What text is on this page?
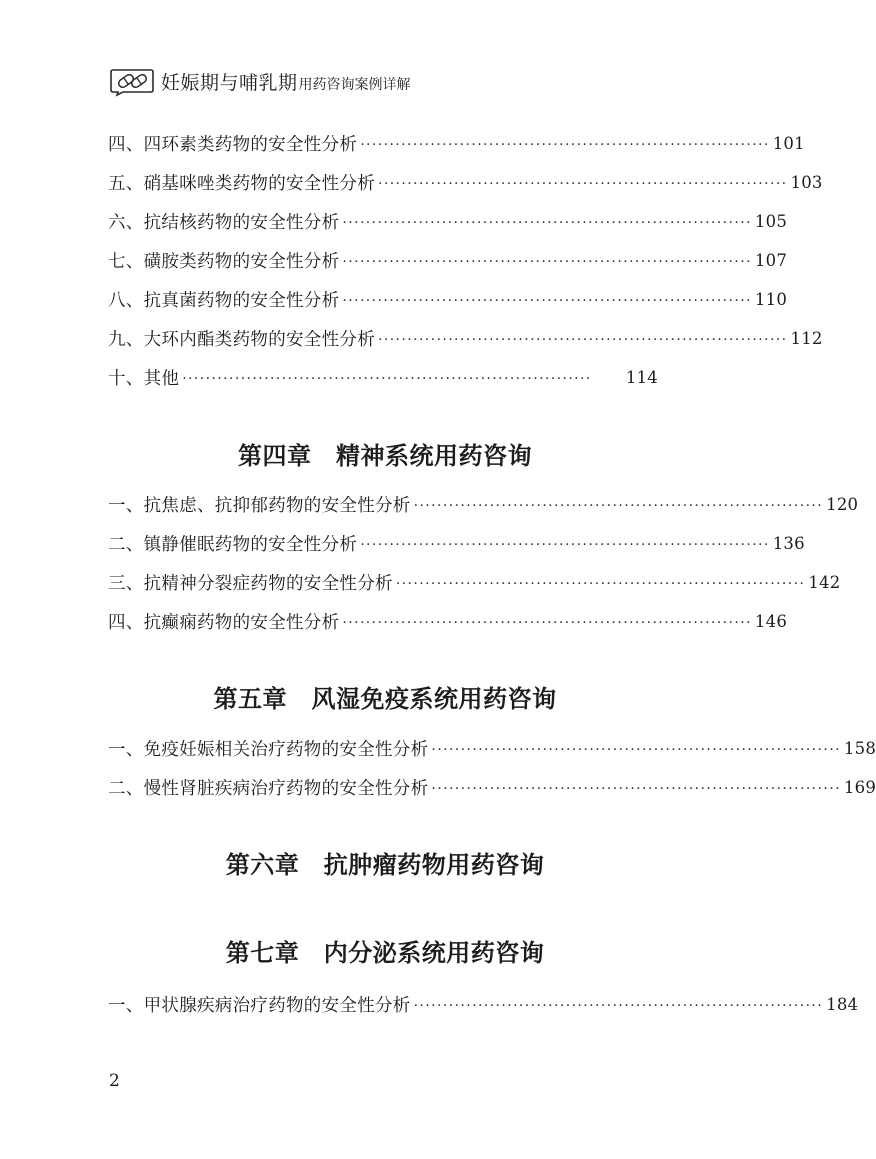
妊娠期与哺乳期 用药咨询案例详解
四、四环素类药物的安全性分析 ······································································ 101
五、硝基咪唑类药物的安全性分析 ······································································ 103
六、抗结核药物的安全性分析 ······································································ 105
七、磺胺类药物的安全性分析 ······································································ 107
八、抗真菌药物的安全性分析 ······································································ 110
九、大环内酯类药物的安全性分析 ······································································ 112
十、其他 ······································································	114
第四章　精神系统用药咨询
一、抗焦虑、抗抑郁药物的安全性分析 ······································································ 120
二、镇静催眠药物的安全性分析 ······································································ 136
三、抗精神分裂症药物的安全性分析 ······································································ 142
四、抗癫痫药物的安全性分析 ······································································ 146
第五章　风湿免疫系统用药咨询
一、免疫妊娠相关治疗药物的安全性分析 ······································································ 158
二、慢性肾脏疾病治疗药物的安全性分析 ······································································ 169
第六章　抗肿瘤药物用药咨询
第七章　内分泌系统用药咨询
一、甲状腺疾病治疗药物的安全性分析 ······································································ 184
2
